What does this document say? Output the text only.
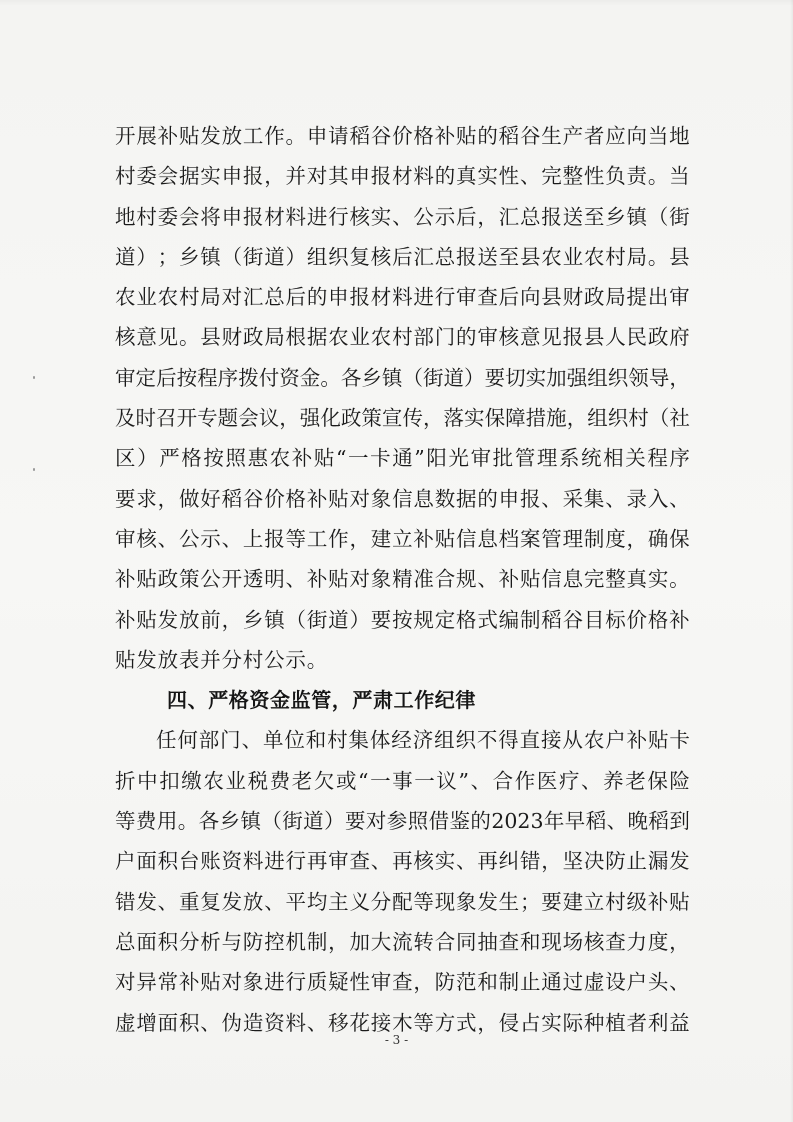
开 展 补 贴 发 放 工 作 。 申 请 稻 谷 价 格 补 贴 的 稻 谷 生 产 者 应 向 当 地
村 委 会 据 实 申 报 ， 并 对 其 申 报 材 料 的 真 实 性 、 完 整 性 负 责 。 当
地 村 委 会 将 申 报 材 料 进 行 核 实 、 公 示 后 ， 汇 总 报 送 至 乡 镇 （ 街
道 ） ； 乡 镇 （ 街 道 ） 组 织 复 核 后 汇 总 报 送 至 县 农 业 农 村 局 。 县
农 业 农 村 局 对 汇 总 后 的 申 报 材 料 进 行 审 查 后 向 县 财 政 局 提 出 审
核 意 见 。 县 财 政 局 根 据 农 业 农 村 部 门 的 审 核 意 见 报 县 人 民 政 府
审 定 后 按 程 序 拨 付 资 金 。 各 乡 镇 （ 街 道 ） 要 切 实 加 强 组 织 领 导 ，
及 时 召 开 专 题 会 议 ， 强 化 政 策 宣 传 ， 落 实 保 障 措 施 ， 组 织 村 （ 社
区 ） 严 格 按 照 惠 农 补 贴 “ 一 卡 通 ” 阳 光 审 批 管 理 系 统 相 关 程 序
要 求 ， 做 好 稻 谷 价 格 补 贴 对 象 信 息 数 据 的 申 报 、 采 集 、 录 入 、
审 核 、 公 示 、 上 报 等 工 作 ， 建 立 补 贴 信 息 档 案 管 理 制 度 ， 确 保
补 贴 政 策 公 开 透 明 、 补 贴 对 象 精 准 合 规 、 补 贴 信 息 完 整 真 实 。
补 贴 发 放 前 ， 乡 镇 （ 街 道 ） 要 按 规 定 格 式 编 制 稻 谷 目 标 价 格 补
贴发放表并分村公示。
四、严格资金监管，严肃工作纪律
任 何 部 门 、 单 位 和 村 集 体 经 济 组 织 不 得 直 接 从 农 户 补 贴 卡
折 中 扣 缴 农 业 税 费 老 欠 或 “ 一 事 一 议 ” 、 合 作 医 疗 、 养 老 保 险
等 费 用 。 各 乡 镇 （ 街 道 ） 要 对 参 照 借 鉴 的 2023 年 早 稻 、 晚 稻 到
户 面 积 台 账 资 料 进 行 再 审 查 、 再 核 实 、 再 纠 错 ， 坚 决 防 止 漏 发
错 发 、 重 复 发 放 、 平 均 主 义 分 配 等 现 象 发 生 ； 要 建 立 村 级 补 贴
总 面 积 分 析 与 防 控 机 制 ， 加 大 流 转 合 同 抽 查 和 现 场 核 查 力 度 ，
对 异 常 补 贴 对 象 进 行 质 疑 性 审 查 ， 防 范 和 制 止 通 过 虚 设 户 头 、
虚 增 面 积 、 伪 造 资 料 、 移 花 接 木 等 方 式 ， 侵 占 实 际 种 植 者 利 益
- 3 -
